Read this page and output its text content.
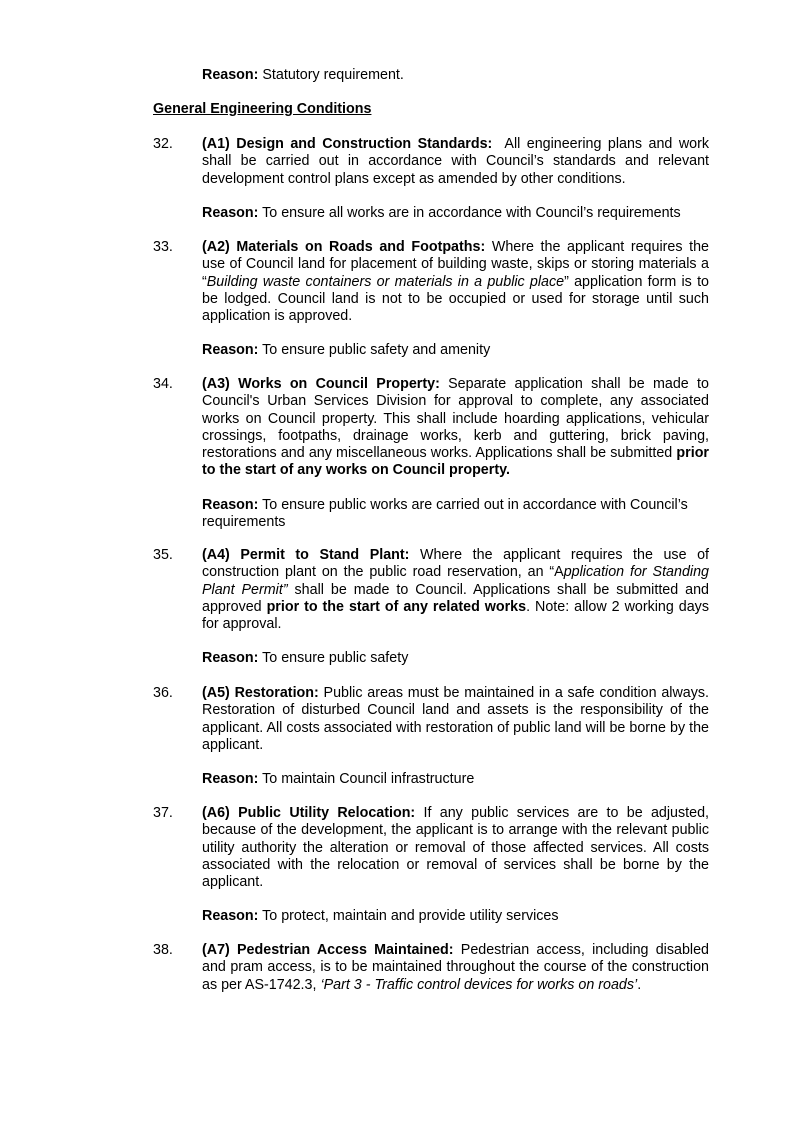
Reason: Statutory requirement.
General Engineering Conditions
32.	(A1) Design and Construction Standards: All engineering plans and work shall be carried out in accordance with Council’s standards and relevant development control plans except as amended by other conditions.

Reason: To ensure all works are in accordance with Council’s requirements

33.	(A2) Materials on Roads and Footpaths: Where the applicant requires the use of Council land for placement of building waste, skips or storing materials a “Building waste containers or materials in a public place” application form is to be lodged. Council land is not to be occupied or used for storage until such application is approved.

Reason: To ensure public safety and amenity

34.	(A3) Works on Council Property: Separate application shall be made to Council's Urban Services Division for approval to complete, any associated works on Council property. This shall include hoarding applications, vehicular crossings, footpaths, drainage works, kerb and guttering, brick paving, restorations and any miscellaneous works. Applications shall be submitted prior to the start of any works on Council property.

Reason: To ensure public works are carried out in accordance with Council’s requirements

35.	(A4) Permit to Stand Plant: Where the applicant requires the use of construction plant on the public road reservation, an “Application for Standing Plant Permit” shall be made to Council. Applications shall be submitted and approved prior to the start of any related works. Note: allow 2 working days for approval.

Reason: To ensure public safety

36.	(A5) Restoration: Public areas must be maintained in a safe condition always. Restoration of disturbed Council land and assets is the responsibility of the applicant. All costs associated with restoration of public land will be borne by the applicant.

Reason: To maintain Council infrastructure

37.	(A6) Public Utility Relocation: If any public services are to be adjusted, because of the development, the applicant is to arrange with the relevant public utility authority the alteration or removal of those affected services. All costs associated with the relocation or removal of services shall be borne by the applicant.

Reason: To protect, maintain and provide utility services

38.	(A7) Pedestrian Access Maintained: Pedestrian access, including disabled and pram access, is to be maintained throughout the course of the construction as per AS-1742.3, ‘Part 3 - Traffic control devices for works on roads’.
